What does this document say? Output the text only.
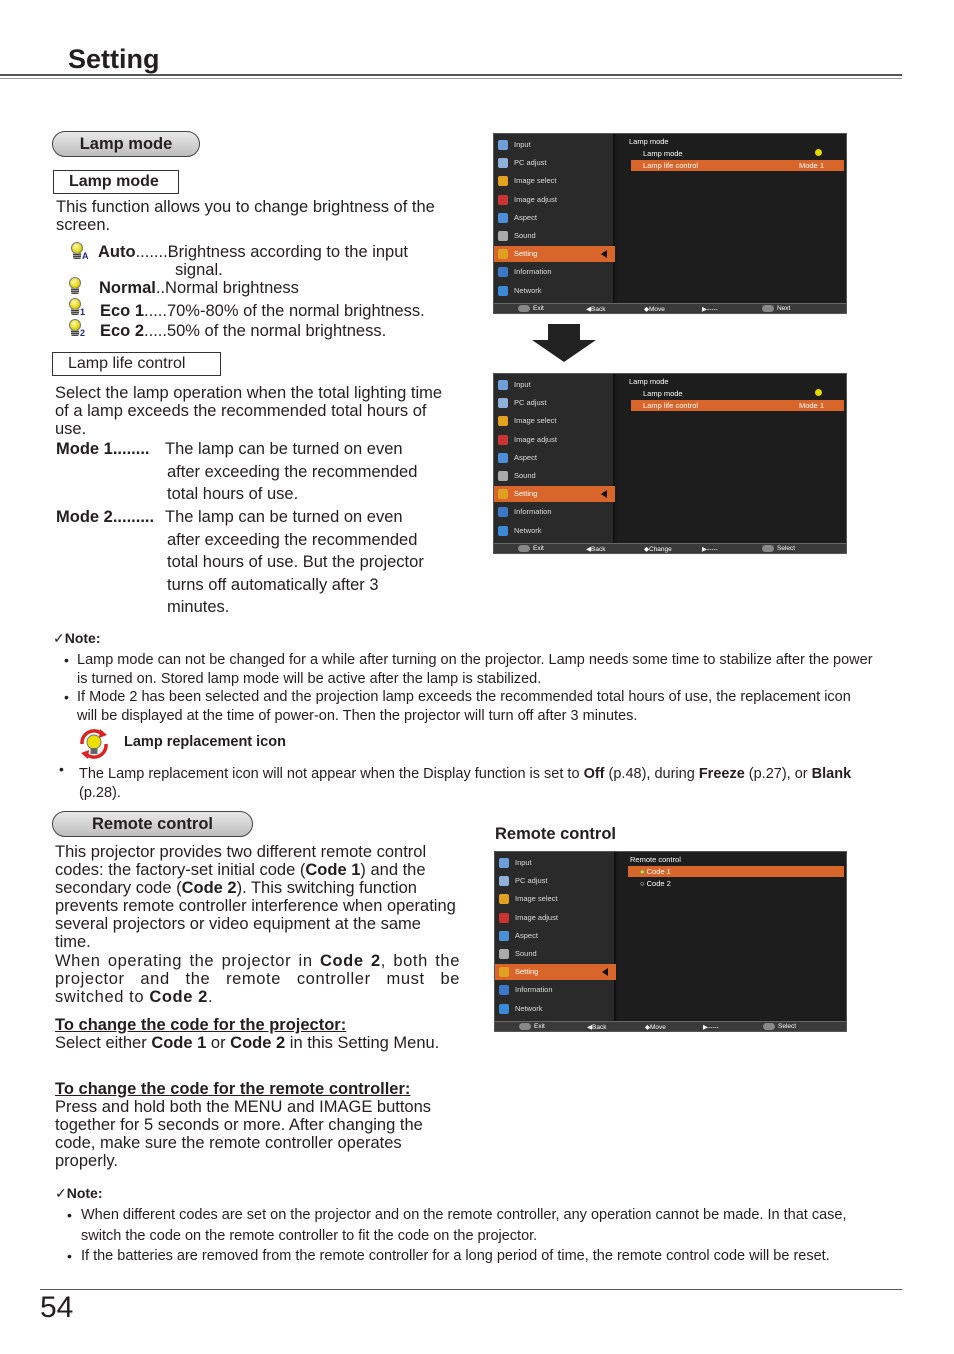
Setting
Lamp mode
Lamp mode
This function allows you to change brightness of the screen.
A Auto.......Brightness according to the input
signal.
Normal..Normal brightness
1 Eco 1.....70%-80% of the normal brightness.
2 Eco 2.....50% of the normal brightness.
Lamp life control
Select the lamp operation when the total lighting time of a lamp exceeds the recommended total hours of use.
Mode 1........ The lamp can be turned on even
after exceeding the recommended
total hours of use.
Mode 2......... The lamp can be turned on even
after exceeding the recommended
total hours of use. But the projector
turns off automatically after 3
minutes.
Input
PC adjust
Image select
Image adjust
Aspect
Sound
Setting
Information
Network
Lamp mode
Lamp mode
Lamp life control	Mode 1
Exit	◀Back	◆Move	▶-----	Next
Input
PC adjust
Image select
Image adjust
Aspect
Sound
Setting
Information
Network
Lamp mode
Lamp mode
Lamp life control	Mode 1
Exit	◀Back	◆Change	▶-----	Select
✓Note:
• Lamp mode can not be changed for a while after turning on the projector. Lamp needs some time to stabilize after the power is turned on. Stored lamp mode will be active after the lamp is stabilized.
• If Mode 2 has been selected and the projection lamp exceeds the recommended total hours of use, the replacement icon will be displayed at the time of power-on. Then the projector will turn off after 3 minutes.
Lamp replacement icon
• The Lamp replacement icon will not appear when the Display function is set to Off (p.48), during Freeze (p.27), or Blank (p.28).
Remote control
Remote control
This projector provides two different remote control codes: the factory-set initial code (Code 1) and the secondary code (Code 2). This switching function prevents remote controller interference when operating several projectors or video equipment at the same time.
When operating the projector in Code 2, both the projector and the remote controller must be switched to Code 2.
To change the code for the projector:
Select either Code 1 or Code 2 in this Setting Menu.
To change the code for the remote controller:
Press and hold both the MENU and IMAGE buttons together for 5 seconds or more. After changing the code, make sure the remote controller operates properly.
Input
PC adjust
Image select
Image adjust
Aspect
Sound
Setting
Information
Network
Remote control
● Code 1
○ Code 2
Exit	◀Back	◆Move	▶-----	Select
✓Note:
• When different codes are set on the projector and on the remote controller, any operation cannot be made. In that case, switch the code on the remote controller to fit the code on the projector.
• If the batteries are removed from the remote controller for a long period of time, the remote control code will be reset.
54
